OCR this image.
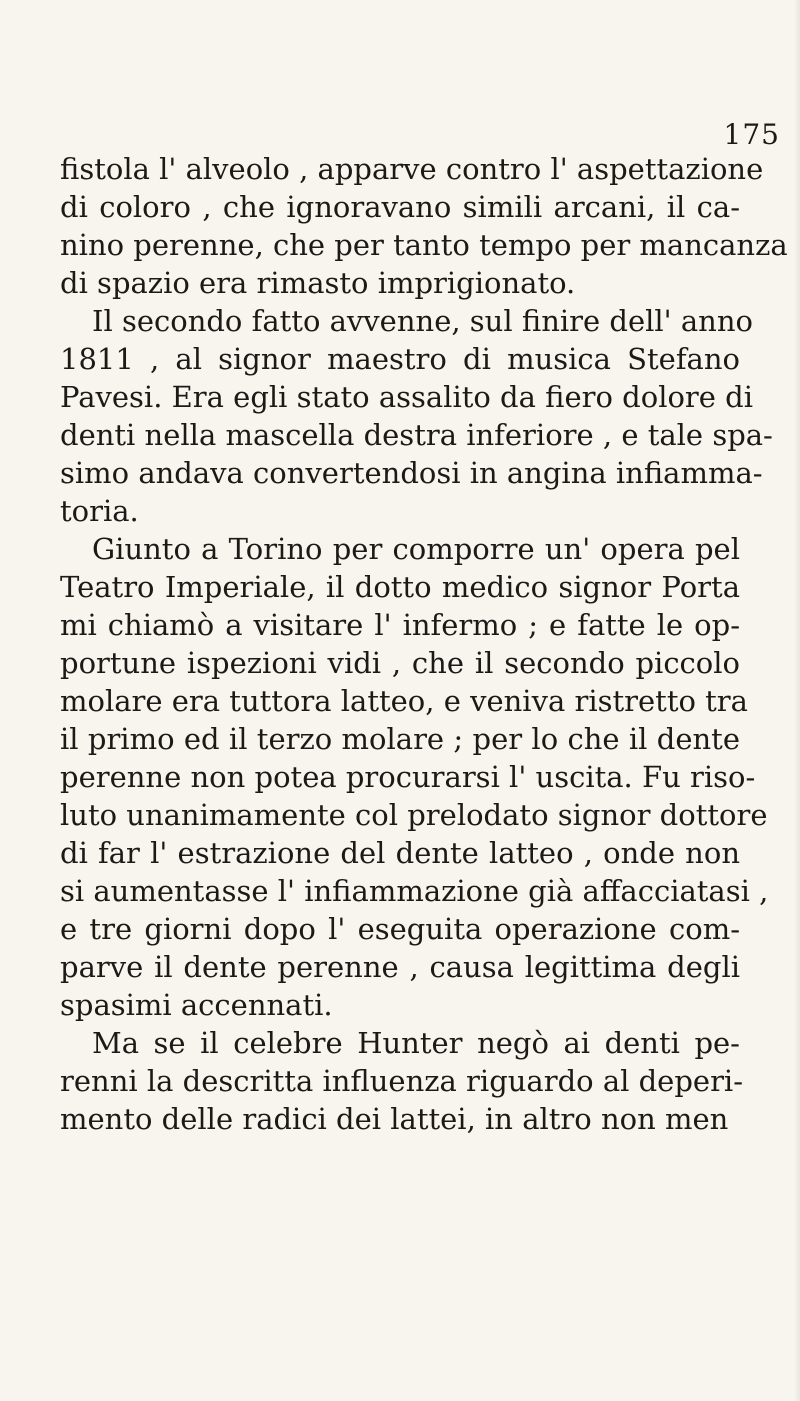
175
fistola l' alveolo , apparve contro l' aspettazione
di coloro , che ignoravano simili arcani, il ca-
nino perenne, che per tanto tempo per mancanza
di spazio era rimasto imprigionato.
Il secondo fatto avvenne, sul finire dell' anno
1811 , al signor maestro di musica Stefano
Pavesi. Era egli stato assalito da fiero dolore di
denti nella mascella destra inferiore , e tale spa-
simo andava convertendosi in angina infiamma-
toria.
Giunto a Torino per comporre un' opera pel
Teatro Imperiale, il dotto medico signor Porta
mi chiamò a visitare l' infermo ; e fatte le op-
portune ispezioni vidi , che il secondo piccolo
molare era tuttora latteo, e veniva ristretto tra
il primo ed il terzo molare ; per lo che il dente
perenne non potea procurarsi l' uscita. Fu riso-
luto unanimamente col prelodato signor dottore
di far l' estrazione del dente latteo , onde non
si aumentasse l' infiammazione già affacciatasi ,
e tre giorni dopo l' eseguita operazione com-
parve il dente perenne , causa legittima degli
spasimi accennati.
Ma se il celebre Hunter negò ai denti pe-
renni la descritta influenza riguardo al deperi-
mento delle radici dei lattei, in altro non men
